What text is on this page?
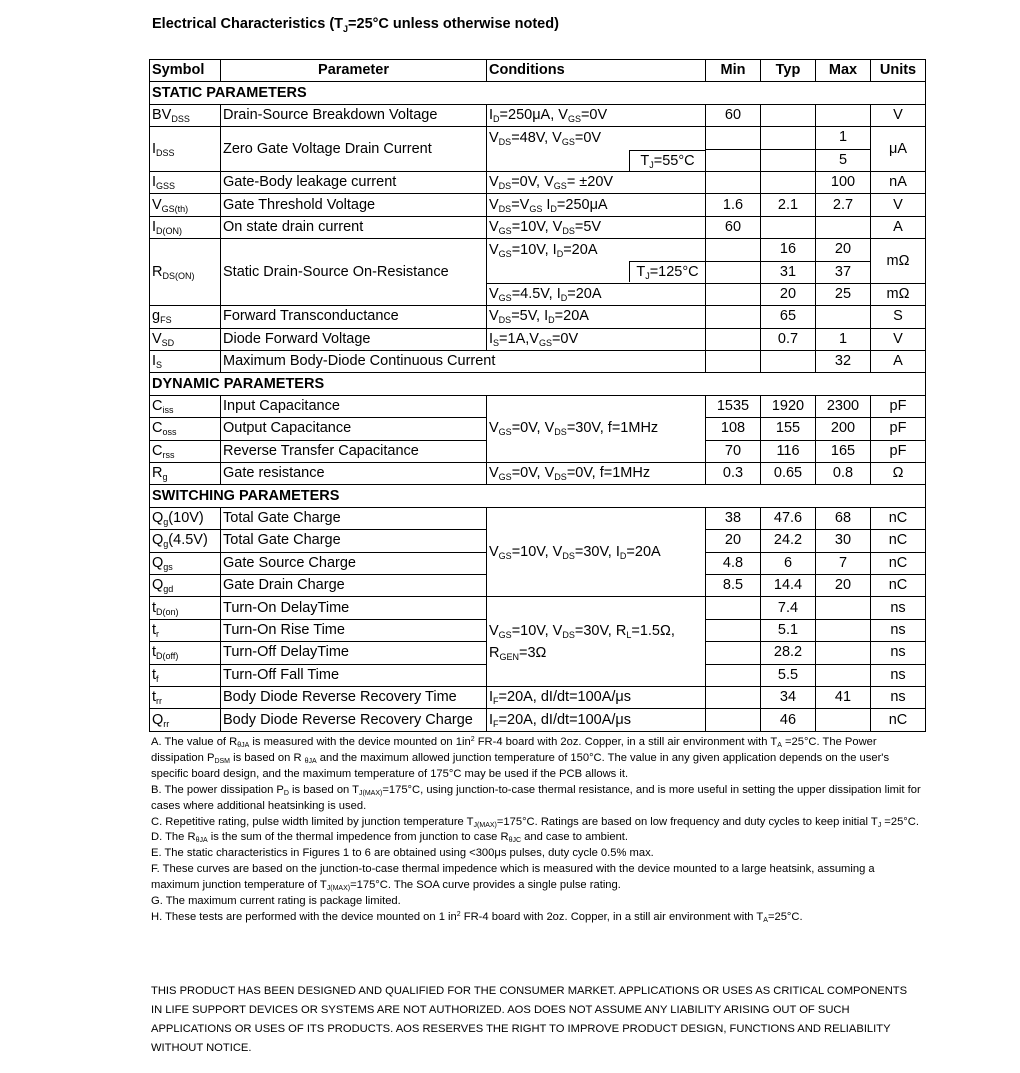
Electrical Characteristics ($T_J=25^\circ C$ unless otherwise noted)
Symbol	Parameter	Conditions	Min	Typ	Max	Units
STATIC PARAMETERS						
$BV_{DSS}$	Drain-Source Breakdown Voltage	$I_D=250\mu A$, $V_{GS}=0V$	60			V
$I_{DSS}$	Zero Gate Voltage Drain Current	$V_{DS}=48V$, $V_{GS}=0V$			1	μA

		$T_J=55^\circ C$			5	
$I_{GSS}$	Gate-Body leakage current	$V_{DS}=0V$, $V_{GS}= \pm 20V$			100	nA
$V_{GS(th)}$	Gate Threshold Voltage	$V_{DS}=V_{GS}$ $I_D=250\mu A$	1.6	2.1	2.7	V
$I_{D(ON)}$	On state drain current	$V_{GS}=10V$, $V_{DS}=5V$	60			A
$R_{DS(ON)}$	Static Drain-Source On-Resistance	$V_{GS}=10V$, $I_D=20A$		16	20	mΩ

		$T_J=125^\circ C$		31	37	
		$V_{GS}=4.5V$, $I_D=20A$		20	25	mΩ
$g_{FS}$	Forward Transconductance	$V_{DS}=5V$, $I_D=20A$		65		S
$V_{SD}$	Diode Forward Voltage	$I_S=1A,V_{GS}=0V$		0.7	1	V
$I_S$	Maximum Body-Diode Continuous Current				32	A
DYNAMIC PARAMETERS						
$C_{iss}$	Input Capacitance	$V_{GS}=0V$, $V_{DS}=30V$, f=1MHz	1535	1920	2300	pF
$C_{oss}$	Output Capacitance		108	155	200	pF
$C_{rss}$	Reverse Transfer Capacitance		70	116	165	pF
$R_g$	Gate resistance	$V_{GS}=0V$, $V_{DS}=0V$, f=1MHz	0.3	0.65	0.8	Ω
SWITCHING PARAMETERS						
$Q_g(10V)$	Total Gate Charge	$V_{GS}=10V$, $V_{DS}=30V$, $I_D=20A$	38	47.6	68	nC
$Q_g(4.5V)$	Total Gate Charge		20	24.2	30	nC
$Q_{gs}$	Gate Source Charge		4.8	6	7	nC
$Q_{gd}$	Gate Drain Charge		8.5	14.4	20	nC
$t_{D(on)}$	Turn-On DelayTime	$V_{GS}=10V$, $V_{DS}=30V$, $R_L=1.5\Omega$,
$R_{GEN}=3\Omega$		7.4		ns
$t_r$	Turn-On Rise Time			5.1		ns
$t_{D(off)}$	Turn-Off DelayTime			28.2		ns
$t_f$	Turn-Off Fall Time			5.5		ns
$t_{rr}$	Body Diode Reverse Recovery Time	$I_F=20A$, dI/dt=100A/μs		34	41	ns
$Q_{rr}$	Body Diode Reverse Recovery Charge	$I_F=20A$, dI/dt=100A/μs		46		nC

A. The value of $R_{\theta JA}$ is measured with the device mounted on $1in^2$ FR-4 board with 2oz. Copper, in a still air environment with $T_A =25^\circ C$. The Power dissipation $P_{DSM}$ is based on R $_{\theta JA}$ and the maximum allowed junction temperature of 150°C. The value in any given application depends on the user's specific board design, and the maximum temperature of 175°C may be used if the PCB allows it.

B. The power dissipation $P_D$ is based on $T_{J(MAX)}=175^\circ C$, using junction-to-case thermal resistance, and is more useful in setting the upper dissipation limit for cases where additional heatsinking is used.

C. Repetitive rating, pulse width limited by junction temperature $T_{J(MAX)}=175^\circ C$. Ratings are based on low frequency and duty cycles to keep initial $T_J =25^\circ C$.

D. The $R_{\theta JA}$ is the sum of the thermal impedence from junction to case $R_{\theta JC}$ and case to ambient.

E. The static characteristics in Figures 1 to 6 are obtained using <300μs pulses, duty cycle 0.5% max.

F. These curves are based on the junction-to-case thermal impedence which is measured with the device mounted to a large heatsink, assuming a maximum junction temperature of $T_{J(MAX)}=175^\circ C$. The SOA curve provides a single pulse rating.

G. The maximum current rating is package limited.

H. These tests are performed with the device mounted on 1 $in^2$ FR-4 board with 2oz. Copper, in a still air environment with $T_A=25^\circ C$.

THIS PRODUCT HAS BEEN DESIGNED AND QUALIFIED FOR THE CONSUMER MARKET. APPLICATIONS OR USES AS CRITICAL COMPONENTS IN LIFE SUPPORT DEVICES OR SYSTEMS ARE NOT AUTHORIZED. AOS DOES NOT ASSUME ANY LIABILITY ARISING OUT OF SUCH APPLICATIONS OR USES OF ITS PRODUCTS. AOS RESERVES THE RIGHT TO IMPROVE PRODUCT DESIGN, FUNCTIONS AND RELIABILITY WITHOUT NOTICE.
